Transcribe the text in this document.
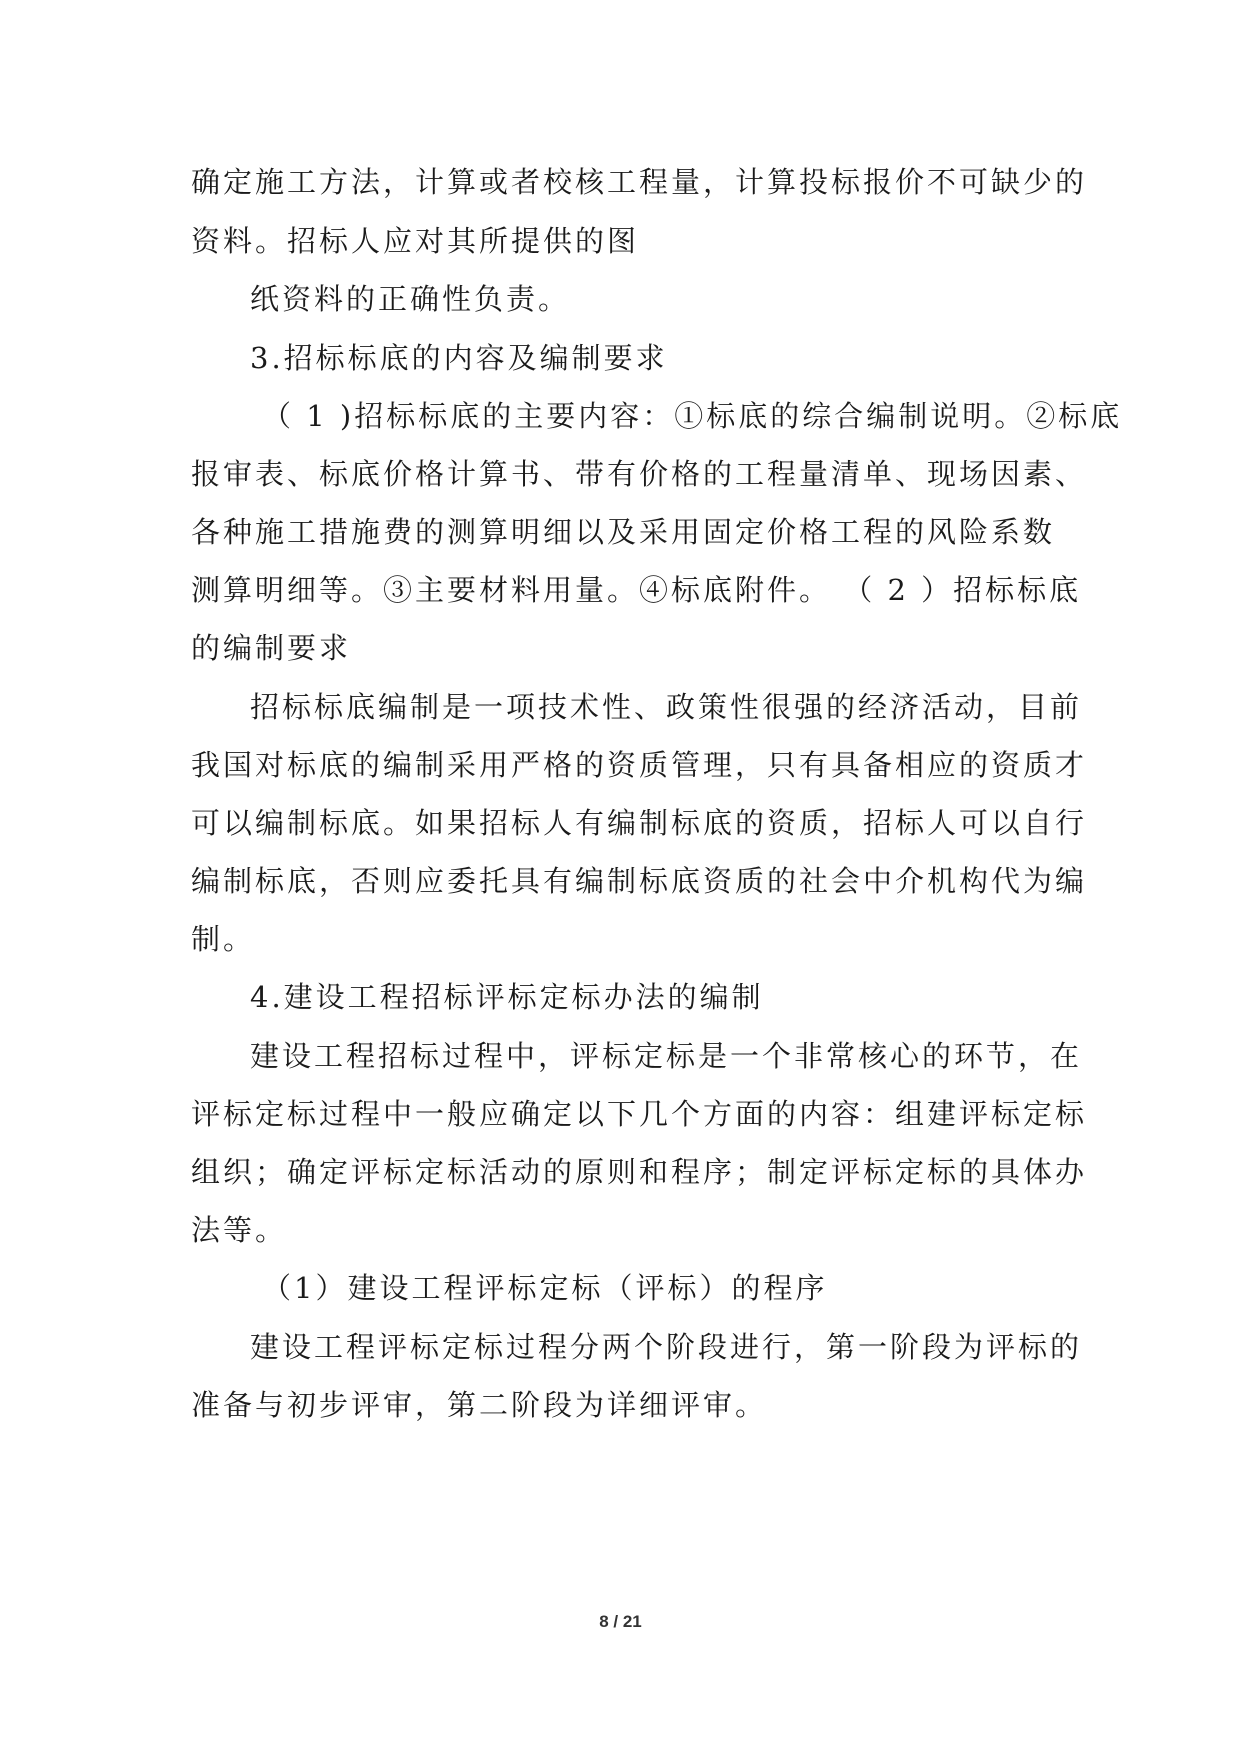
确定施工方法，计算或者校核工程量，计算投标报价不可缺少的
资料。招标人应对其所提供的图
纸资料的正确性负责。
3.招标标底的内容及编制要求
（ 1 )招标标底的主要内容：①标底的综合编制说明。②标底
报审表、标底价格计算书、带有价格的工程量清单、现场因素、
各种施工措施费的测算明细以及采用固定价格工程的风险系数
测算明细等。③主要材料用量。④标底附件。 （ 2 ）招标标底
的编制要求
招标标底编制是一项技术性、政策性很强的经济活动，目前
我国对标底的编制采用严格的资质管理，只有具备相应的资质才
可以编制标底。如果招标人有编制标底的资质，招标人可以自行
编制标底，否则应委托具有编制标底资质的社会中介机构代为编
制。
4.建设工程招标评标定标办法的编制
建设工程招标过程中，评标定标是一个非常核心的环节，在
评标定标过程中一般应确定以下几个方面的内容：组建评标定标
组织；确定评标定标活动的原则和程序；制定评标定标的具体办
法等。
（1）建设工程评标定标（评标）的程序
建设工程评标定标过程分两个阶段进行，第一阶段为评标的
准备与初步评审，第二阶段为详细评审。
8 / 21
